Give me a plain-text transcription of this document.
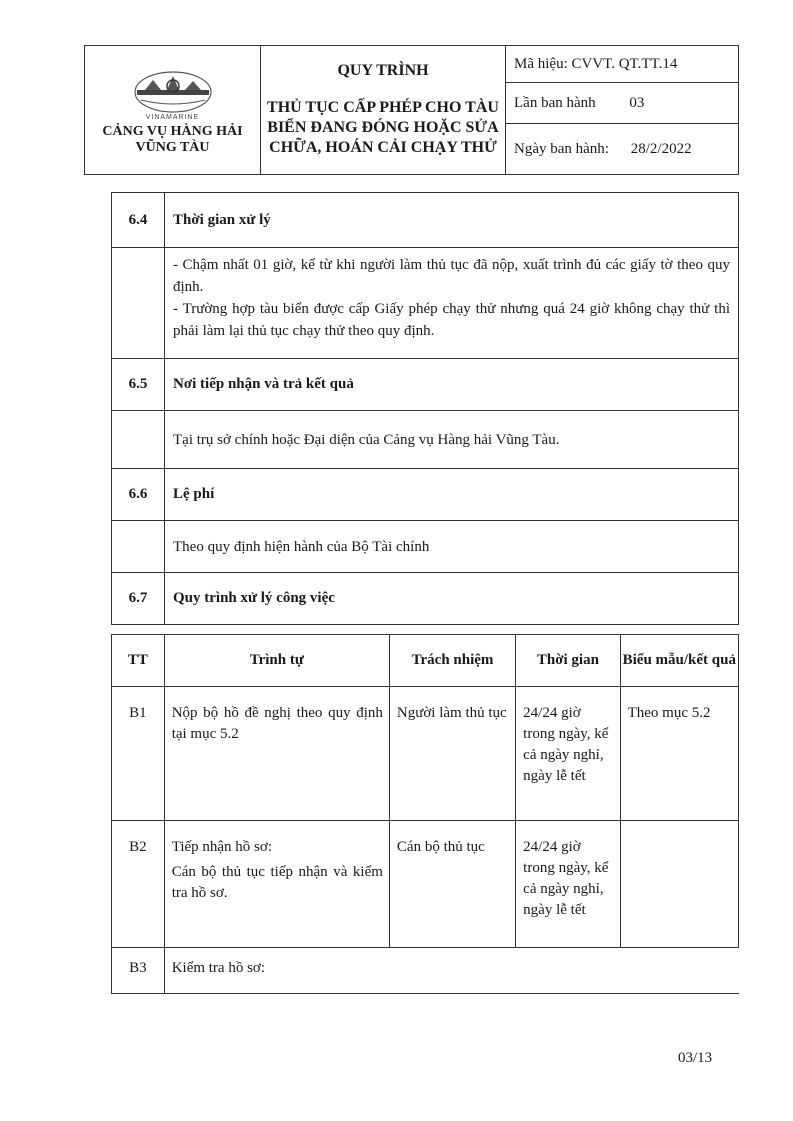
VINAMARINE
CẢNG VỤ HÀNG HẢI
VŨNG TÀU

QUY TRÌNH
THỦ TỤC CẤP PHÉP CHO TÀU BIỂN ĐANG ĐÓNG HOẶC SỬA CHỮA, HOÁN CẢI CHẠY THỬ
	Mã hiệu: CVVT. QT.TT.14
Lần ban hành 03
Ngày ban hành: 28/2/2022
6.4	Thời gian xử lý

	- Chậm nhất 01 giờ, kể từ khi người làm thủ tục đã nộp, xuất trình đủ các giấy tờ theo quy định.

- Trường hợp tàu biển được cấp Giấy phép chạy thử nhưng quá 24 giờ không chạy thử thì phải làm lại thủ tục chạy thử theo quy định.

6.5	Nơi tiếp nhận và trả kết quả
	Tại trụ sở chính hoặc Đại diện của Cảng vụ Hàng hải Vũng Tàu.
6.6	Lệ phí
	Theo quy định hiện hành của Bộ Tài chính
6.7	Quy trình xử lý công việc
TT	Trình tự	Trách nhiệm	Thời gian	Biểu mẫu/kết quả
B1	Nộp bộ hồ đề nghị theo quy định tại mục 5.2	Người làm thủ tục	24/24 giờ trong ngày, kể cả ngày nghỉ, ngày lễ tết	Theo mục 5.2
B2	Tiếp nhận hồ sơ:

Cán bộ thủ tục tiếp nhận và kiểm tra hồ sơ.	Cán bộ thủ tục	24/24 giờ trong ngày, kể cả ngày nghỉ, ngày lễ tết	
B3	Kiểm tra hồ sơ:			

03/13
